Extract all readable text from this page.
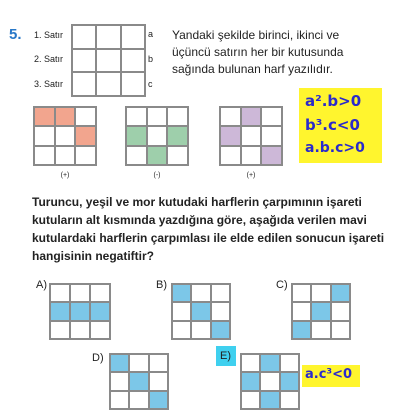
5. 1. Satır
2. Satır
3. Satır
a
b
c
Yandaki şekilde birinci, ikinci ve üçüncü satırın her bir kutusunda sağında bulunan harf yazılıdır.
a².b>0
b³.c<0
a.b.c>0
(+)	(-)	(+)
Turuncu, yeşil ve mor kutudaki harflerin çarpımının işareti kutuların alt kısmında yazdığına göre, aşağıda verilen mavi kutulardaki harflerin çarpımlası ile elde edilen sonucun işareti hangisinin negatiftir?
A)	B)	C)
D)	E)
a.c³<0
